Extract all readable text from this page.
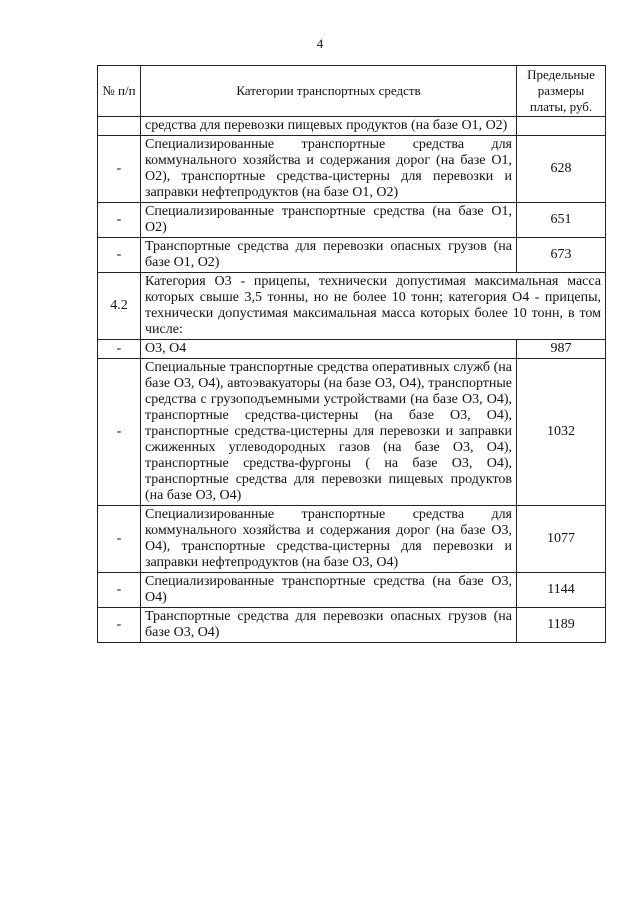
4
№ п/п	Категории транспортных средств	Предельные размеры платы, руб.
	средства для перевозки пищевых продуктов (на базе О1, О2)	
-	Специализированные транспортные средства для коммунального хозяйства и содержания дорог (на базе О1, О2), транспортные средства-цистерны для перевозки и заправки нефтепродуктов (на базе О1, О2)	628
-	Специализированные транспортные средства (на базе О1, О2)	651
-	Транспортные средства для перевозки опасных грузов (на базе О1, О2)	673
4.2	Категория О3 - прицепы, технически допустимая максимальная масса которых свыше 3,5 тонны, но не более 10 тонн; категория О4 - прицепы, технически допустимая максимальная масса которых более 10 тонн, в том числе:	
-	О3, О4	987
-	Специальные транспортные средства оперативных служб (на базе О3, О4), автоэвакуаторы (на базе О3, О4), транспортные средства с грузоподъемными устройствами (на базе О3, О4), транспортные средства-цистерны (на базе О3, О4), транспортные средства-цистерны для перевозки и заправки сжиженных углеводородных газов (на базе О3, О4), транспортные средства-фургоны ( на базе О3, О4), транспортные средства для перевозки пищевых продуктов (на базе О3, О4)	1032
-	Специализированные транспортные средства для коммунального хозяйства и содержания дорог (на базе О3, О4), транспортные средства-цистерны для перевозки и заправки нефтепродуктов (на базе О3, О4)	1077
-	Специализированные транспортные средства (на базе О3, О4)	1144
-	Транспортные средства для перевозки опасных грузов (на базе О3, О4)	1189
